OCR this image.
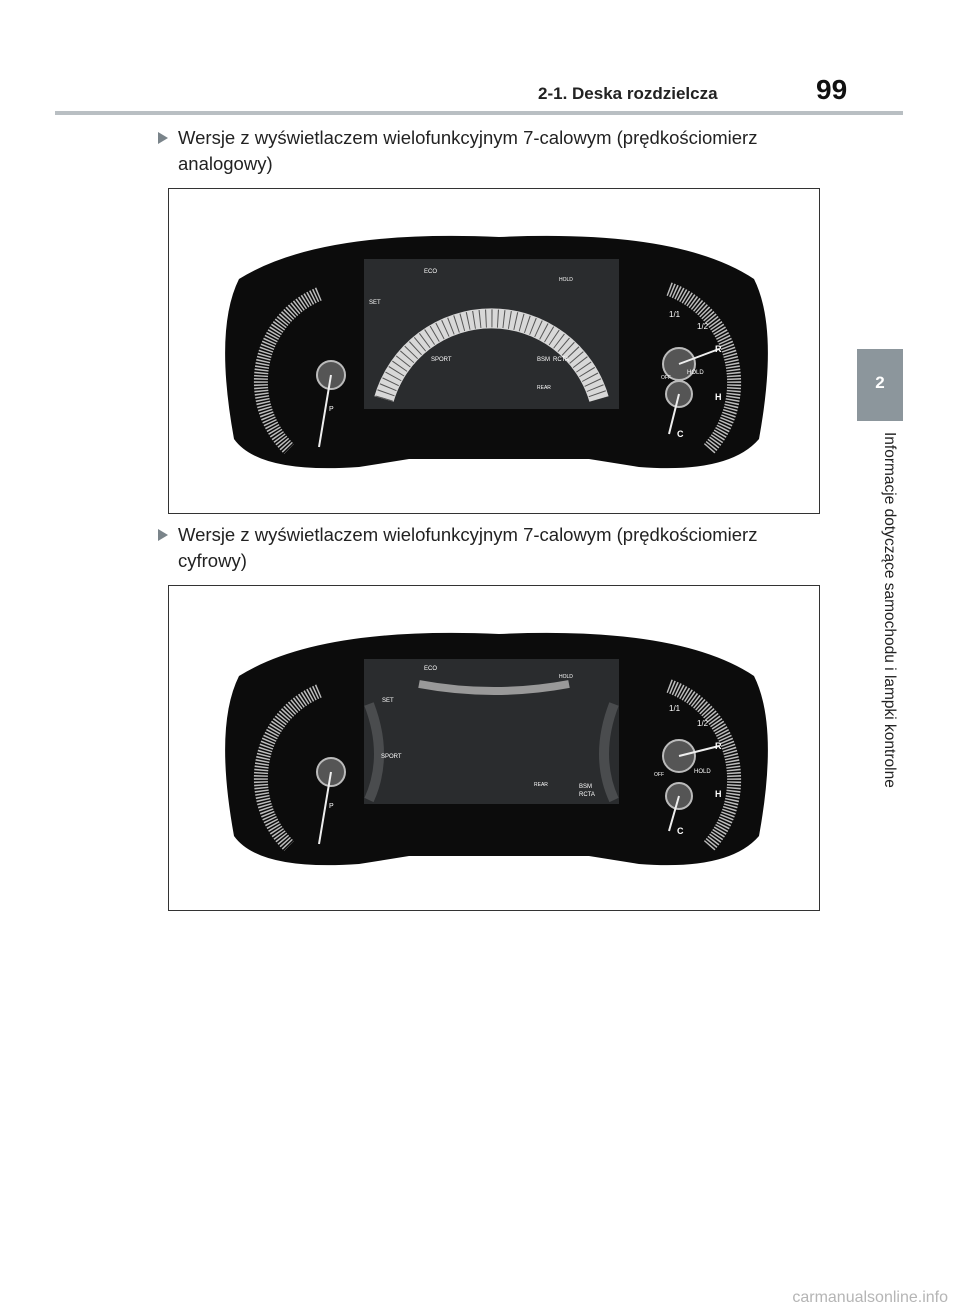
2-1. Deska rozdzielcza	99
2
Informacje dotyczące samochodu i lampki kontrolne
Wersje z wyświetlaczem wielofunkcyjnym 7-calowym (prędkościomierz
analogowy)
ECO
HOLD
SET
SPORT	BSM RCTA
REAR
OFF
HOLD
1/1
1/2
R
H
C
P
Wersje z wyświetlaczem wielofunkcyjnym 7-calowym (prędkościomierz
cyfrowy)
ECO
HOLD
SET
SPORT
BSM
RCTA
REAR
OFF	HOLD
1/1
1/2
R
H
C
P
carmanualsonline.info
